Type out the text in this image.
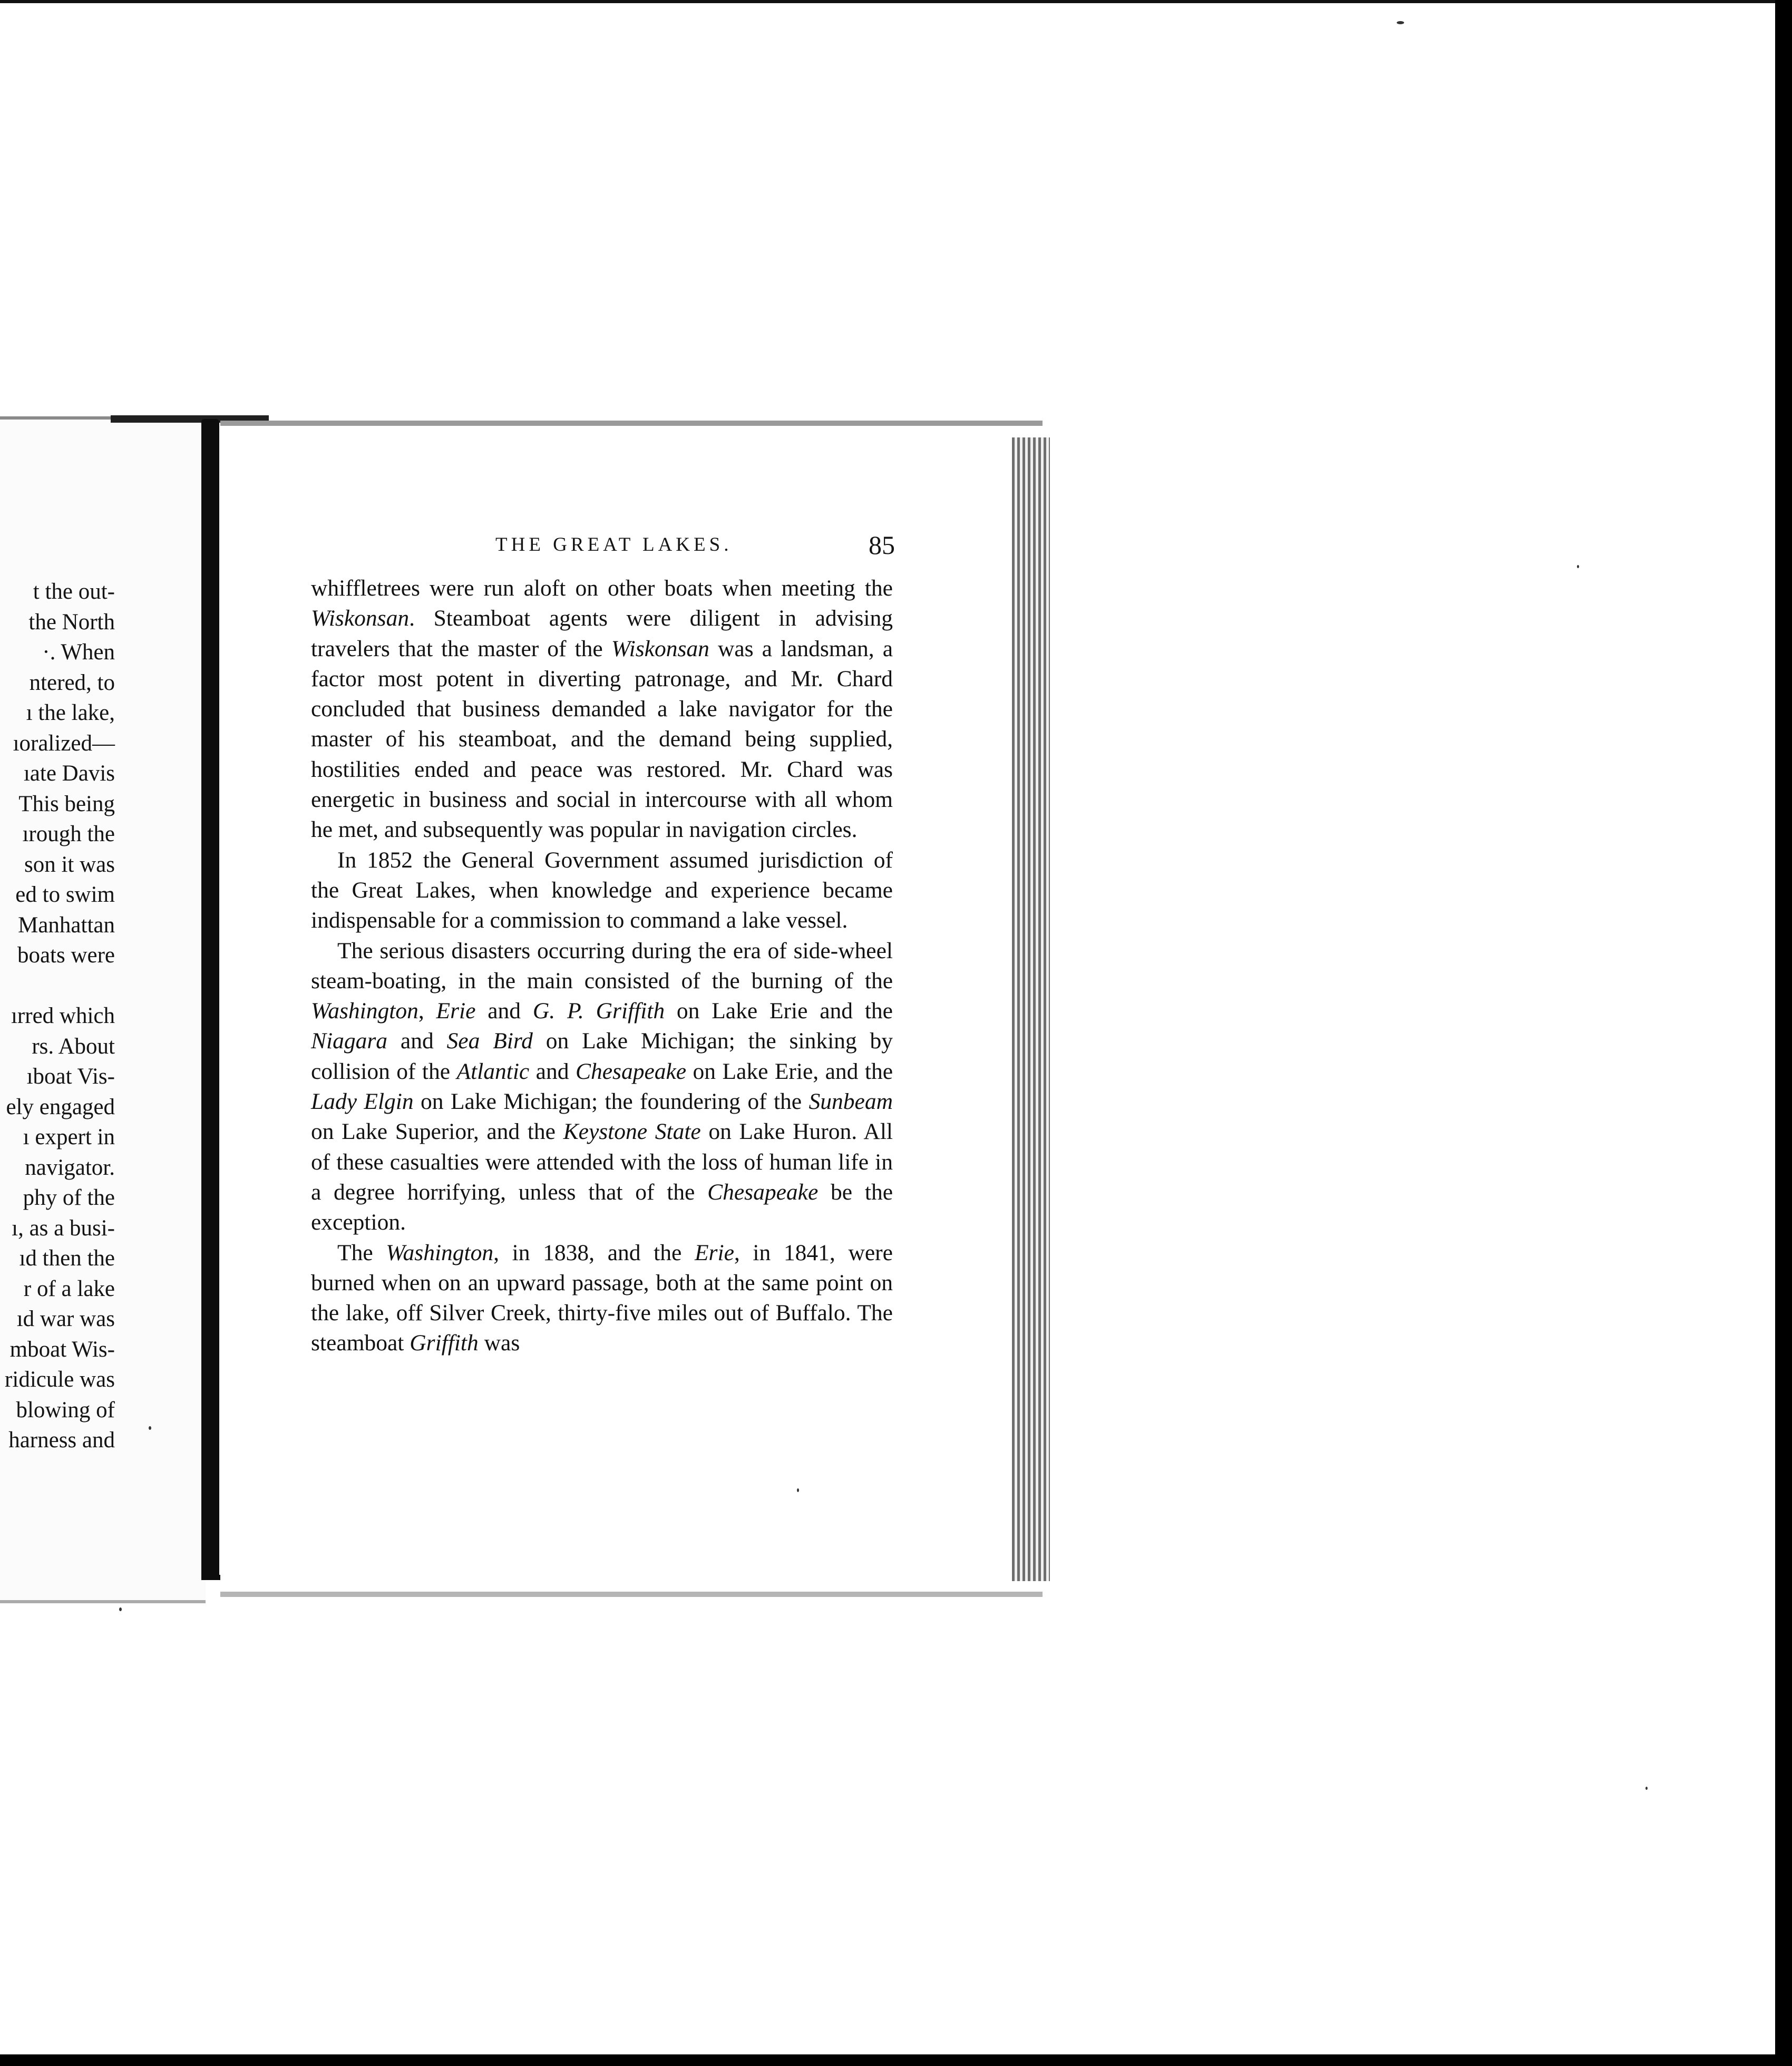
t the out-
the North
·. When
ntered, to
ı the lake,
ıoralized—
ıate Davis
This being
ırough the
son it was
ed to swim
Manhattan
boats were
ırred which
rs. About
ıboat Vis-
ely engaged
ı expert in
navigator.
phy of the
ı, as a busi-
ıd then the
r of a lake
ıd war was
mboat Wis-
ridicule was
blowing of
harness and
THE GREAT LAKES.	85

whiffletrees were run aloft on other boats when meeting the Wiskonsan. Steamboat agents were diligent in advising travelers that the master of the Wiskonsan was a landsman, a factor most potent in diverting patronage, and Mr. Chard concluded that business demanded a lake navigator for the master of his steamboat, and the demand being supplied, hostilities ended and peace was restored. Mr. Chard was energetic in business and social in intercourse with all whom he met, and subsequently was popular in navigation circles.

In 1852 the General Government assumed jurisdiction of the Great Lakes, when knowledge and experience became indispensable for a commission to command a lake vessel.

The serious disasters occurring during the era of side-wheel steam-boating, in the main consisted of the burning of the Washington, Erie and G. P. Griffith on Lake Erie and the Niagara and Sea Bird on Lake Michigan; the sinking by collision of the Atlantic and Chesapeake on Lake Erie, and the Lady Elgin on Lake Michigan; the foundering of the Sunbeam on Lake Superior, and the Keystone State on Lake Huron. All of these casualties were attended with the loss of human life in a degree horrifying, unless that of the Chesapeake be the exception.

The Washington, in 1838, and the Erie, in 1841, were burned when on an upward passage, both at the same point on the lake, off Silver Creek, thirty-five miles out of Buffalo. The steamboat Griffith was
